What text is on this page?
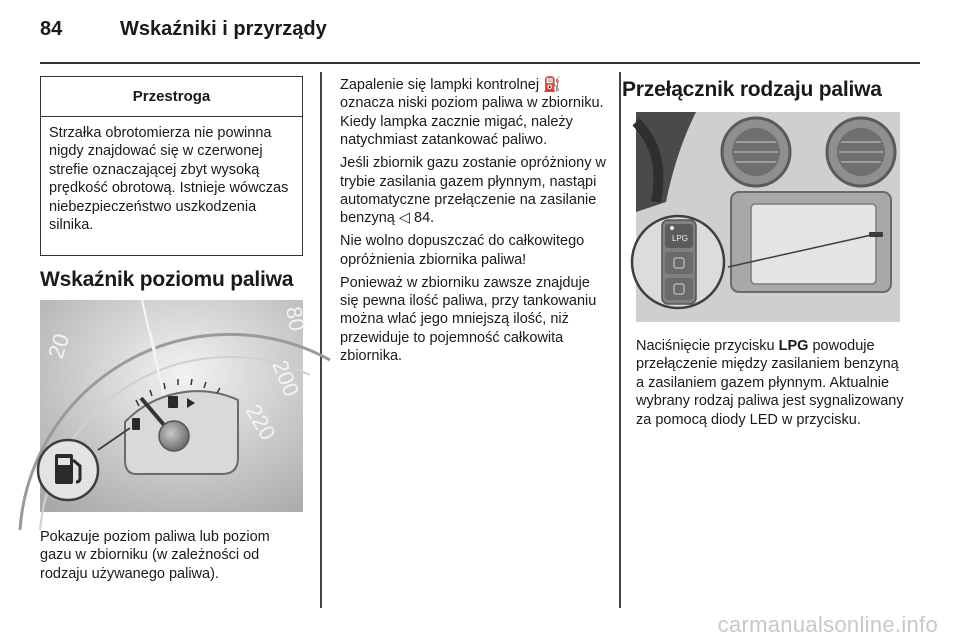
84	Wskaźniki i przyrządy
Przestroga
Strzałka obrotomierza nie powinna nigdy znajdować się w czerwonej strefie oznaczającej zbyt wysoką prędkość obrotową. Istnieje wówczas niebezpieczeństwo uszkodzenia silnika.
Wskaźnik poziomu paliwa
20
200
220
80
Pokazuje poziom paliwa lub poziom gazu w zbiorniku (w zależności od rodzaju używanego paliwa).

Zapalenie się lampki kontrolnej ⛽ oznacza niski poziom paliwa w zbiorniku. Kiedy lampka zacznie migać, należy natychmiast zatankować paliwo.

Jeśli zbiornik gazu zostanie opróżniony w trybie zasilania gazem płynnym, nastąpi automatyczne przełączenie na zasilanie benzyną ◁ 84.

Nie wolno dopuszczać do całkowitego opróżnienia zbiornika paliwa!

Ponieważ w zbiorniku zawsze znajduje się pewna ilość paliwa, przy tankowaniu można wlać jego mniejszą ilość, niż przewiduje to pojemność całkowita zbiornika.

Przełącznik rodzaju paliwa
LPG
Naciśnięcie przycisku LPG powoduje przełączenie między zasilaniem benzyną a zasilaniem gazem płynnym. Aktualnie wybrany rodzaj paliwa jest sygnalizowany za pomocą diody LED w przycisku.
carmanualsonline.info
